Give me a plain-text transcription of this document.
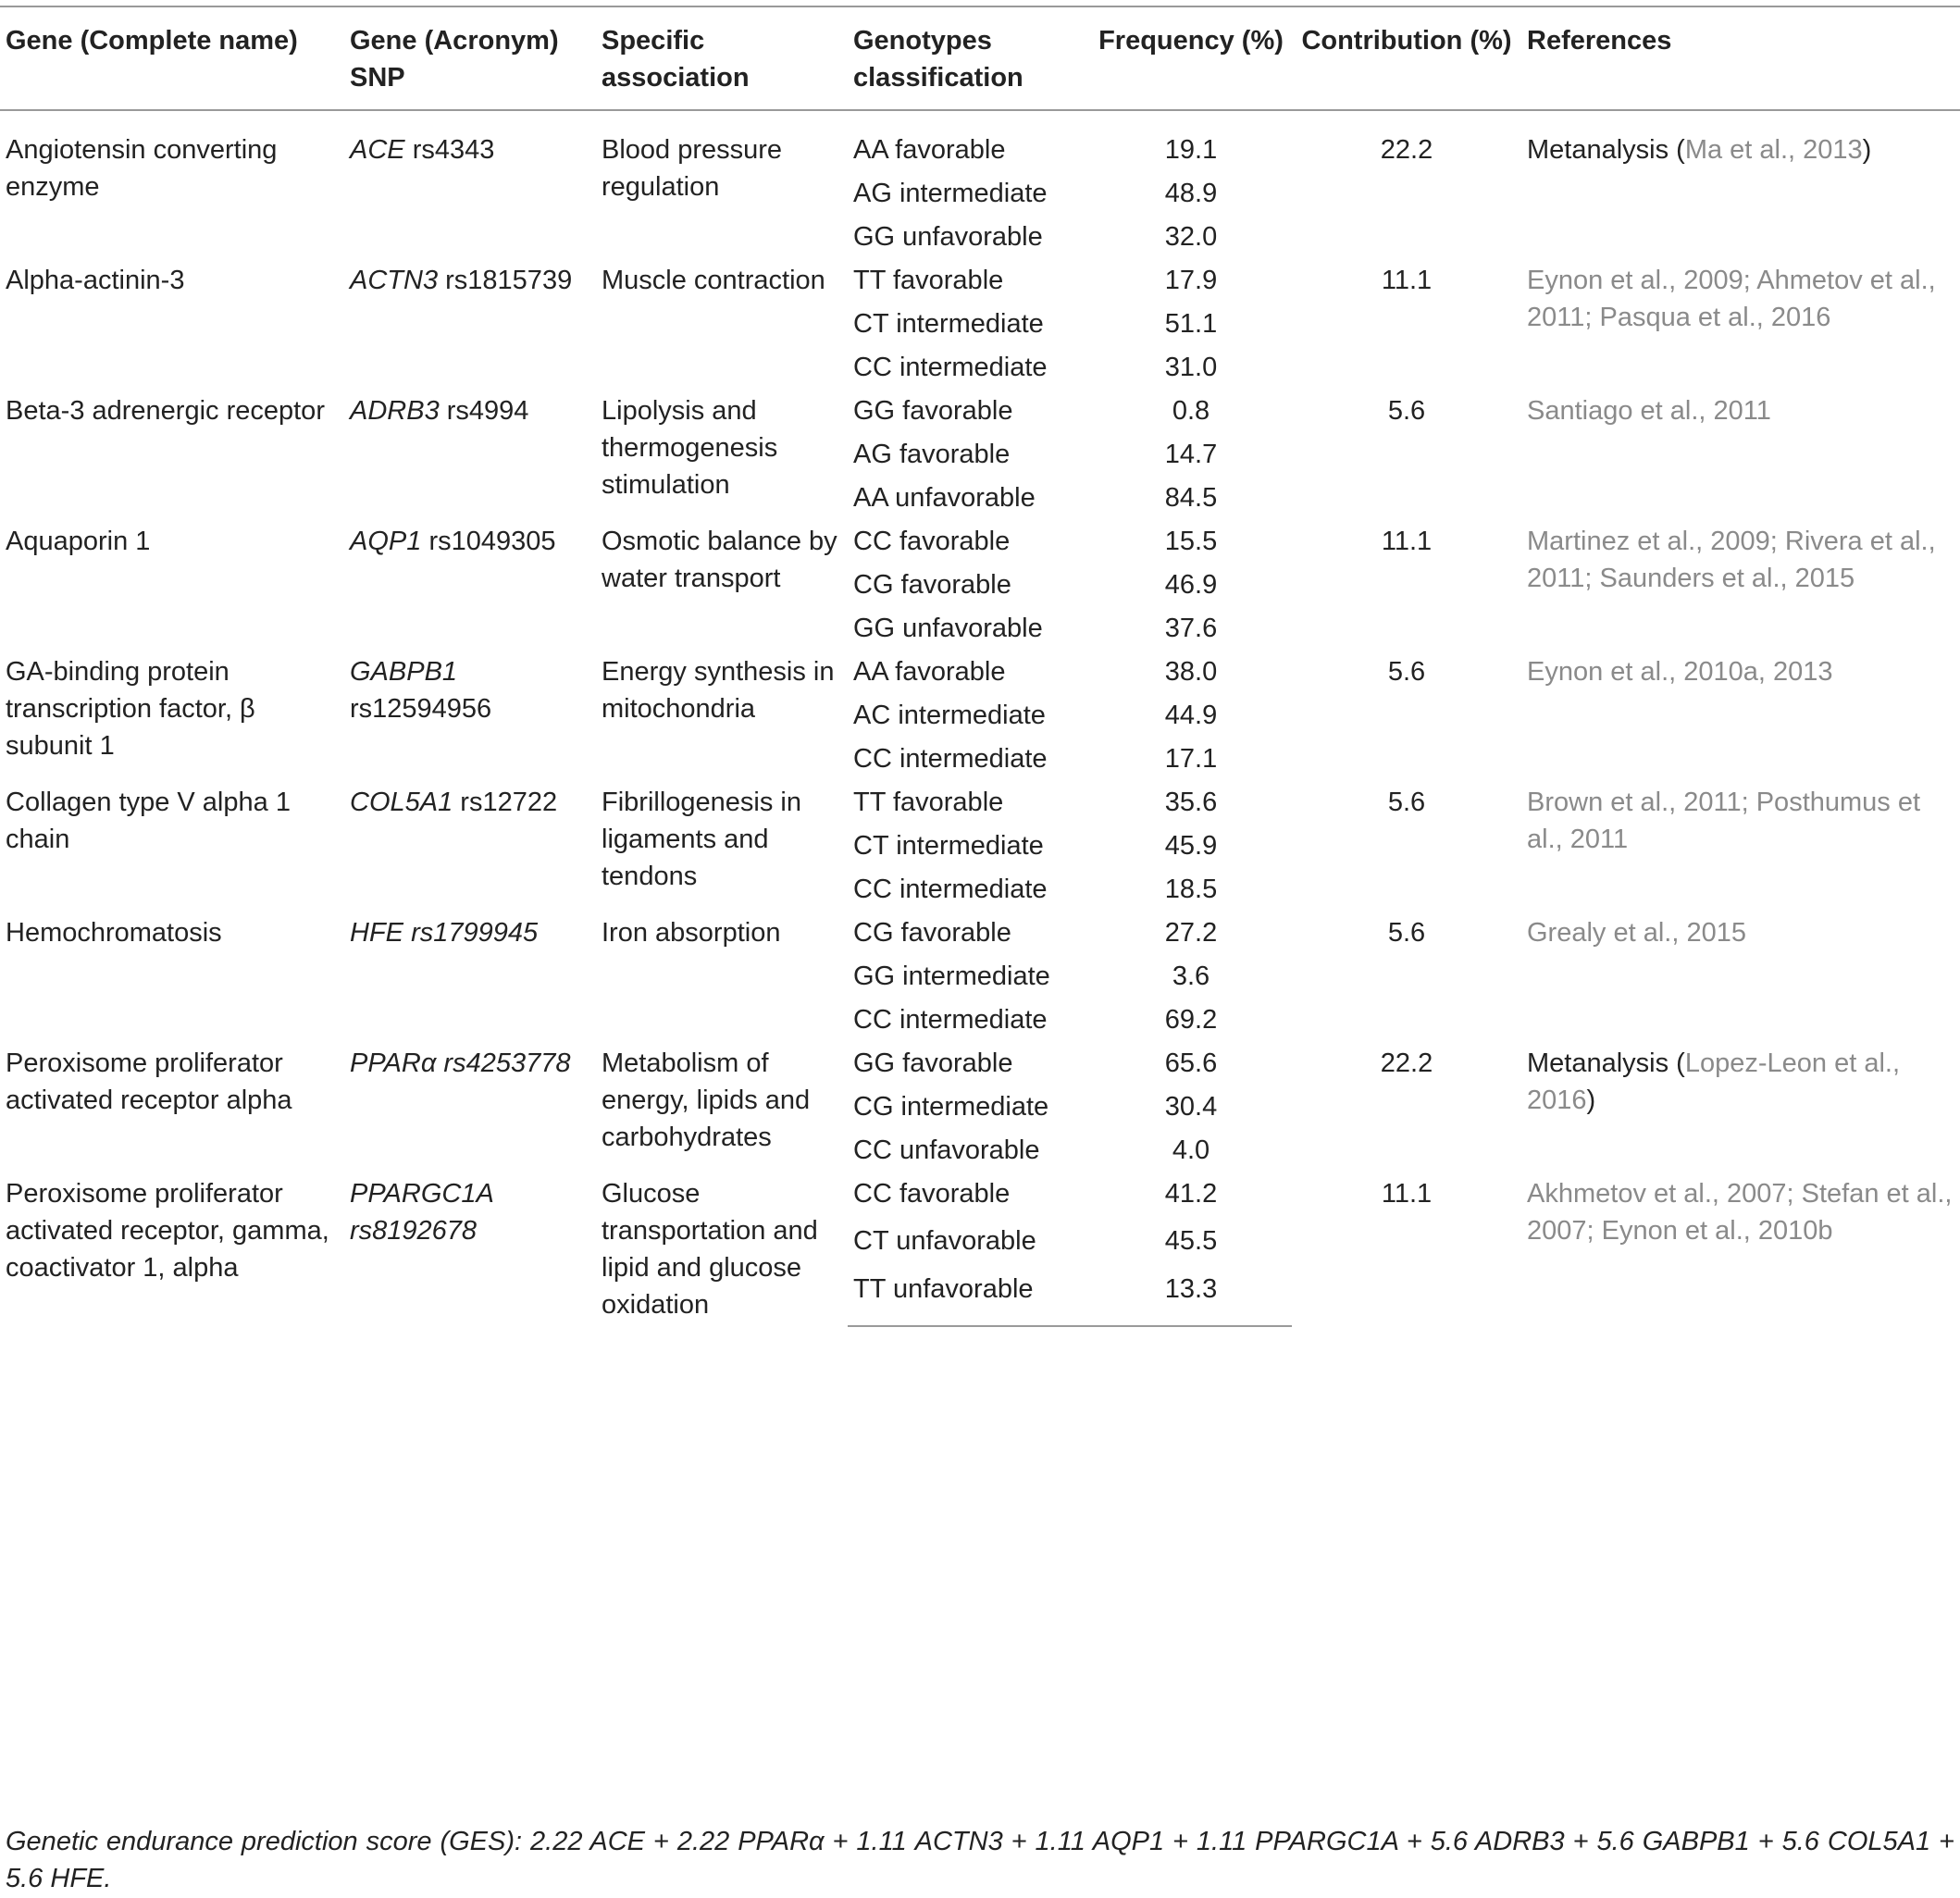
Gene (Complete name)	Gene (Acronym) SNP	Specific association	Genotypes classification	Frequency (%)	Contribution (%)	References
Angiotensin converting enzyme	ACE rs4343	Blood pressure regulation	AA favorable	19.1	22.2	Metanalysis (Ma et al., 2013)
			AG intermediate	48.9		
			GG unfavorable	32.0		
Alpha-actinin-3	ACTN3 rs1815739	Muscle contraction	TT favorable	17.9	11.1	Eynon et al., 2009; Ahmetov et al., 2011; Pasqua et al., 2016
			CT intermediate	51.1		
			CC intermediate	31.0		
Beta-3 adrenergic receptor	ADRB3 rs4994	Lipolysis and thermogenesis stimulation	GG favorable	0.8	5.6	Santiago et al., 2011
			AG favorable	14.7		
			AA unfavorable	84.5		
Aquaporin 1	AQP1 rs1049305	Osmotic balance by water transport	CC favorable	15.5	11.1	Martinez et al., 2009; Rivera et al., 2011; Saunders et al., 2015
			CG favorable	46.9		
			GG unfavorable	37.6		
GA-binding protein transcription factor, β subunit 1	GABPB1 rs12594956	Energy synthesis in mitochondria	AA favorable	38.0	5.6	Eynon et al., 2010a, 2013
			AC intermediate	44.9		
			CC intermediate	17.1		
Collagen type V alpha 1 chain	COL5A1 rs12722	Fibrillogenesis in ligaments and tendons	TT favorable	35.6	5.6	Brown et al., 2011; Posthumus et al., 2011
			CT intermediate	45.9		
			CC intermediate	18.5		
Hemochromatosis	HFE rs1799945	Iron absorption	CG favorable	27.2	5.6	Grealy et al., 2015
			GG intermediate	3.6		
			CC intermediate	69.2		
Peroxisome proliferator activated receptor alpha	PPARα rs4253778	Metabolism of energy, lipids and carbohydrates	GG favorable	65.6	22.2	Metanalysis (Lopez-Leon et al., 2016)
			CG intermediate	30.4		
			CC unfavorable	4.0		
Peroxisome proliferator activated receptor, gamma, coactivator 1, alpha	PPARGC1A rs8192678	Glucose transportation and lipid and glucose oxidation	CC favorable	41.2	11.1	Akhmetov et al., 2007; Stefan et al., 2007; Eynon et al., 2010b
			CT unfavorable	45.5		
			TT unfavorable	13.3		
Genetic endurance prediction score (GES): 2.22 ACE + 2.22 PPARα + 1.11 ACTN3 + 1.11 AQP1 + 1.11 PPARGC1A + 5.6 ADRB3 + 5.6 GABPB1 + 5.6 COL5A1 + 5.6 HFE.
